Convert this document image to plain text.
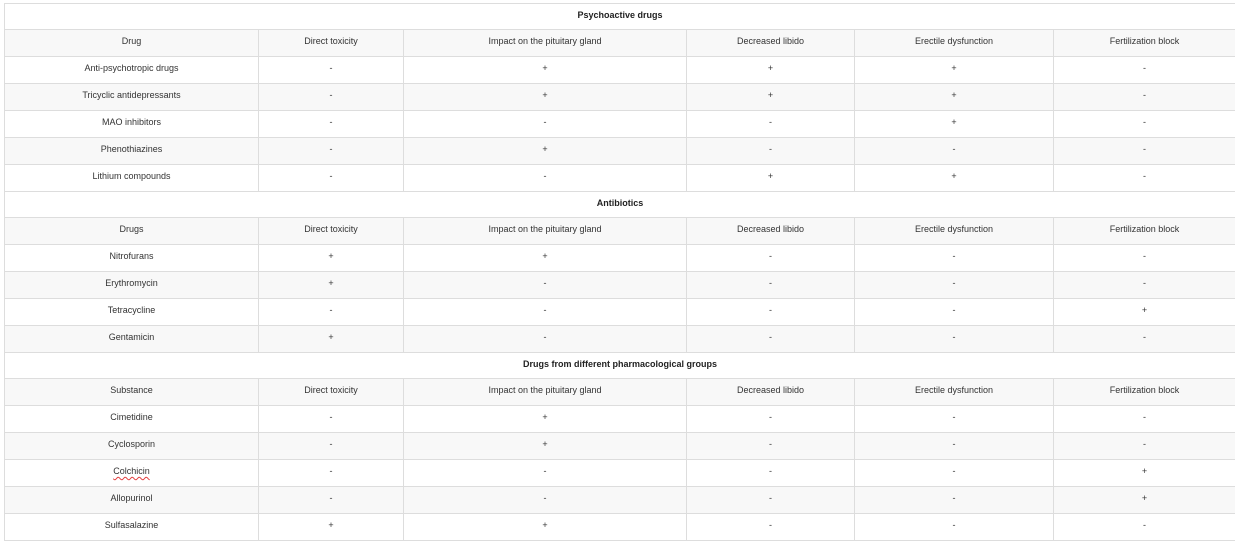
Psychoactive drugs					
Drug	Direct toxicity	Impact on the pituitary gland	Decreased libido	Erectile dysfunction	Fertilization block
Anti-psychotropic drugs	-	+	+	+	-
Tricyclic antidepressants	-	+	+	+	-
MAO inhibitors	-	-	-	+	-
Phenothiazines	-	+	-	-	-
Lithium compounds	-	-	+	+	-
Antibiotics					
Drugs	Direct toxicity	Impact on the pituitary gland	Decreased libido	Erectile dysfunction	Fertilization block
Nitrofurans	+	+	-	-	-
Erythromycin	+	-	-	-	-
Tetracycline	-	-	-	-	+
Gentamicin	+	-	-	-	-
Drugs from different pharmacological groups					
Substance	Direct toxicity	Impact on the pituitary gland	Decreased libido	Erectile dysfunction	Fertilization block
Cimetidine	-	+	-	-	-
Cyclosporin	-	+	-	-	-
Colchicin	-	-	-	-	+
Allopurinol	-	-	-	-	+
Sulfasalazine	+	+	-	-	-
